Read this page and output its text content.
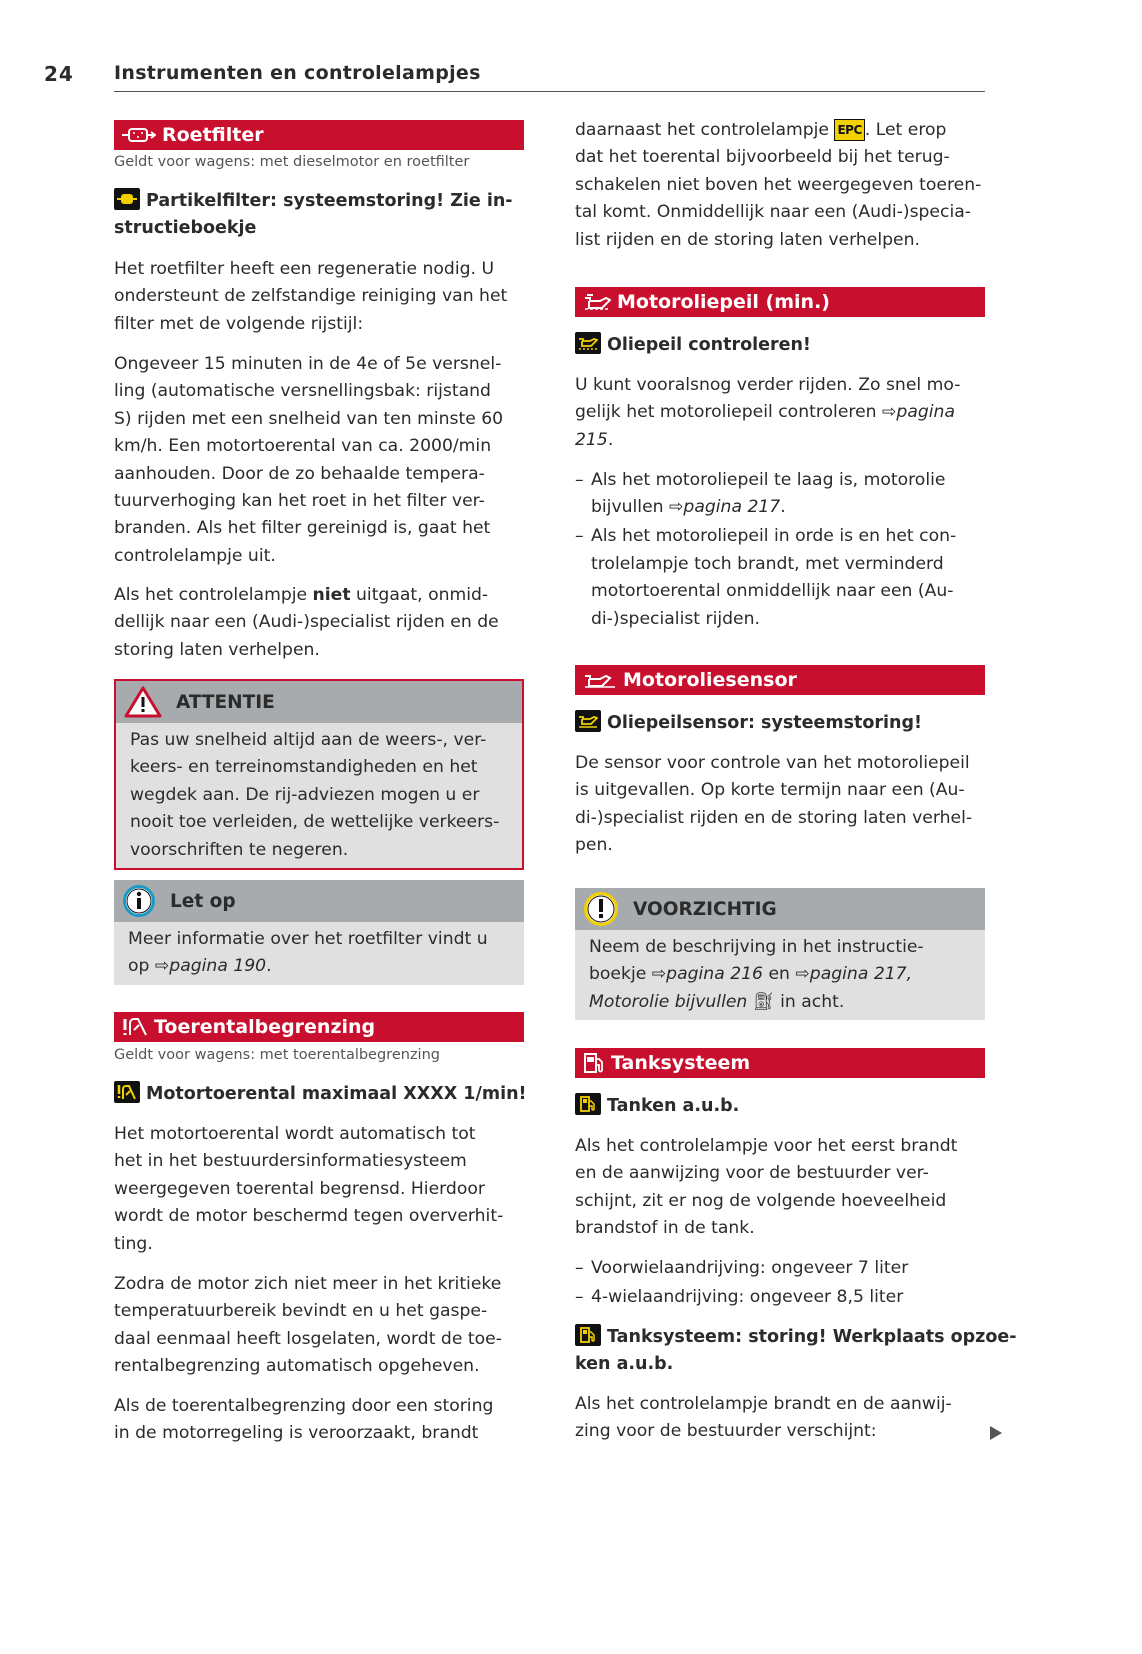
24 Instrumenten en controlelampjes
Roetfilter
Geldt voor wagens: met dieselmotor en roetfilter
Partikelfilter: systeemstoring! Zie in-
structieboekje
Het roetfilter heeft een regeneratie nodig. U
ondersteunt de zelfstandige reiniging van het
filter met de volgende rijstijl:
Ongeveer 15 minuten in de 4e of 5e versnel-
ling (automatische versnellingsbak: rijstand
S) rijden met een snelheid van ten minste 60
km/h. Een motortoerental van ca. 2000/min
aanhouden. Door de zo behaalde tempera-
tuurverhoging kan het roet in het filter ver-
branden. Als het filter gereinigd is, gaat het
controlelampje uit.
Als het controlelampje niet uitgaat, onmid-
dellijk naar een (Audi-)specialist rijden en de
storing laten verhelpen.
ATTENTIE
Pas uw snelheid altijd aan de weers-, ver-
keers- en terreinomstandigheden en het
wegdek aan. De rij-adviezen mogen u er
nooit toe verleiden, de wettelijke verkeers-
voorschriften te negeren.
Let op
Meer informatie over het roetfilter vindt u
op ⇨pagina 190.
Toerentalbegrenzing
Geldt voor wagens: met toerentalbegrenzing
Motortoerental maximaal XXXX 1/min!
Het motortoerental wordt automatisch tot
het in het bestuurdersinformatiesysteem
weergegeven toerental begrensd. Hierdoor
wordt de motor beschermd tegen oververhit-
ting.
Zodra de motor zich niet meer in het kritieke
temperatuurbereik bevindt en u het gaspe-
daal eenmaal heeft losgelaten, wordt de toe-
rentalbegrenzing automatisch opgeheven.
Als de toerentalbegrenzing door een storing
in de motorregeling is veroorzaakt, brandt
daarnaast het controlelampje EPC . Let erop
dat het toerental bijvoorbeeld bij het terug-
schakelen niet boven het weergegeven toeren-
tal komt. Onmiddellijk naar een (Audi-)specia-
list rijden en de storing laten verhelpen.
Motoroliepeil (min.)
Oliepeil controleren!
U kunt vooralsnog verder rijden. Zo snel mo-
gelijk het motoroliepeil controleren ⇨pagina
215.
– Als het motoroliepeil te laag is, motorolie
bijvullen ⇨pagina 217.
– Als het motoroliepeil in orde is en het con-
trolelampje toch brandt, met verminderd
motortoerental onmiddellijk naar een (Au-
di-)specialist rijden.
Motoroliesensor
Oliepeilsensor: systeemstoring!
De sensor voor controle van het motoroliepeil
is uitgevallen. Op korte termijn naar een (Au-
di-)specialist rijden en de storing laten verhel-
pen.
VOORZICHTIG
Neem de beschrijving in het instructie-
boekje ⇨pagina 216 en ⇨pagina 217,
Motorolie bijvullen ⛽︎ in acht.
Tanksysteem
Tanken a.u.b.
Als het controlelampje voor het eerst brandt
en de aanwijzing voor de bestuurder ver-
schijnt, zit er nog de volgende hoeveelheid
brandstof in de tank.
– Voorwielaandrijving: ongeveer 7 liter
– 4-wielaandrijving: ongeveer 8,5 liter
Tanksysteem: storing! Werkplaats opzoe-
ken a.u.b.
Als het controlelampje brandt en de aanwij-
zing voor de bestuurder verschijnt:
